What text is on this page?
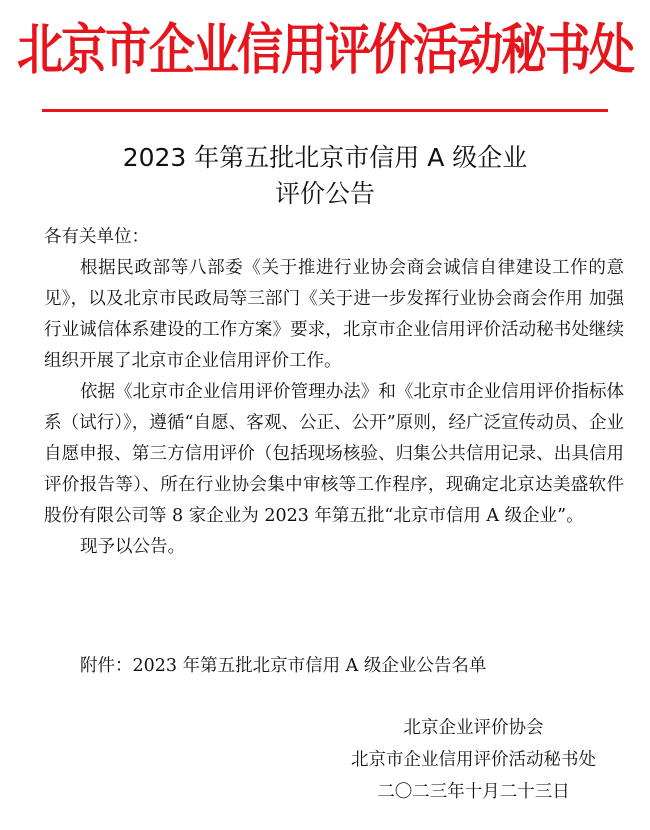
北京市企业信用评价活动秘书处
2023 年第五批北京市信用 A 级企业
评价公告

各有关单位：

根据民政部等八部委《关于推进行业协会商会诚信自律建设工作的意见》，以及北京市民政局等三部门《关于进一步发挥行业协会商会作用 加强行业诚信体系建设的工作方案》要求，北京市企业信用评价活动秘书处继续组织开展了北京市企业信用评价工作。

依据《北京市企业信用评价管理办法》和《北京市企业信用评价指标体系（试行）》，遵循“自愿、客观、公正、公开”原则，经广泛宣传动员、企业自愿申报、第三方信用评价（包括现场核验、归集公共信用记录、出具信用评价报告等）、所在行业协会集中审核等工作程序，现确定北京达美盛软件股份有限公司等 8 家企业为 2023 年第五批“北京市信用 A 级企业”。

现予以公告。

附件：2023 年第五批北京市信用 A 级企业公告名单
北京企业评价协会
北京市企业信用评价活动秘书处
二〇二三年十月二十三日
